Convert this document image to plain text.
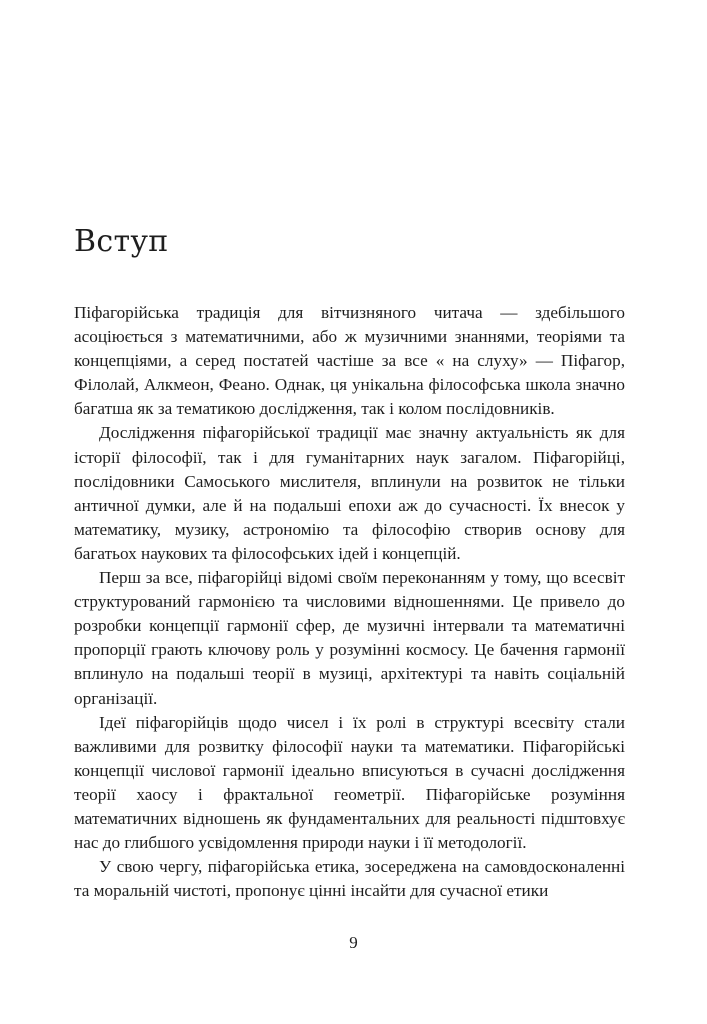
Вступ

Піфагорійська традиція для вітчизняного читача — здебільшого асоціюється з математичними, або ж музичними знаннями, теоріями та концепціями, а серед постатей частіше за все « на слуху» — Піфагор, Філолай, Алкмеон, Феано. Однак, ця унікальна філософська школа значно багатша як за тематикою дослідження, так і колом послідовників.

Дослідження піфагорійської традиції має значну актуальність як для історії філософії, так і для гуманітарних наук загалом. Піфагорійці, послідовники Самоського мислителя, вплинули на розвиток не тільки античної думки, але й на подальші епохи аж до сучасності. Їх внесок у математику, музику, астрономію та філософію створив основу для багатьох наукових та філософських ідей і концепцій.

Перш за все, піфагорійці відомі своїм переконанням у тому, що всесвіт структурований гармонією та числовими відношеннями. Це привело до розробки концепції гармонії сфер, де музичні інтервали та математичні пропорції грають ключову роль у розумінні космосу. Це бачення гармонії вплинуло на подальші теорії в музиці, архітектурі та навіть соціальній організації.

Ідеї піфагорійців щодо чисел і їх ролі в структурі всесвіту стали важливими для розвитку філософії науки та математики. Піфагорійські концепції числової гармонії ідеально вписуються в сучасні дослідження теорії хаосу і фрактальної геометрії. Піфагорійське розуміння математичних відношень як фундаментальних для реальності підштовхує нас до глибшого усвідомлення природи науки і її методології.

У свою чергу, піфагорійська етика, зосереджена на самовдосконаленні та моральній чистоті, пропонує цінні інсайти для сучасної етики

9
